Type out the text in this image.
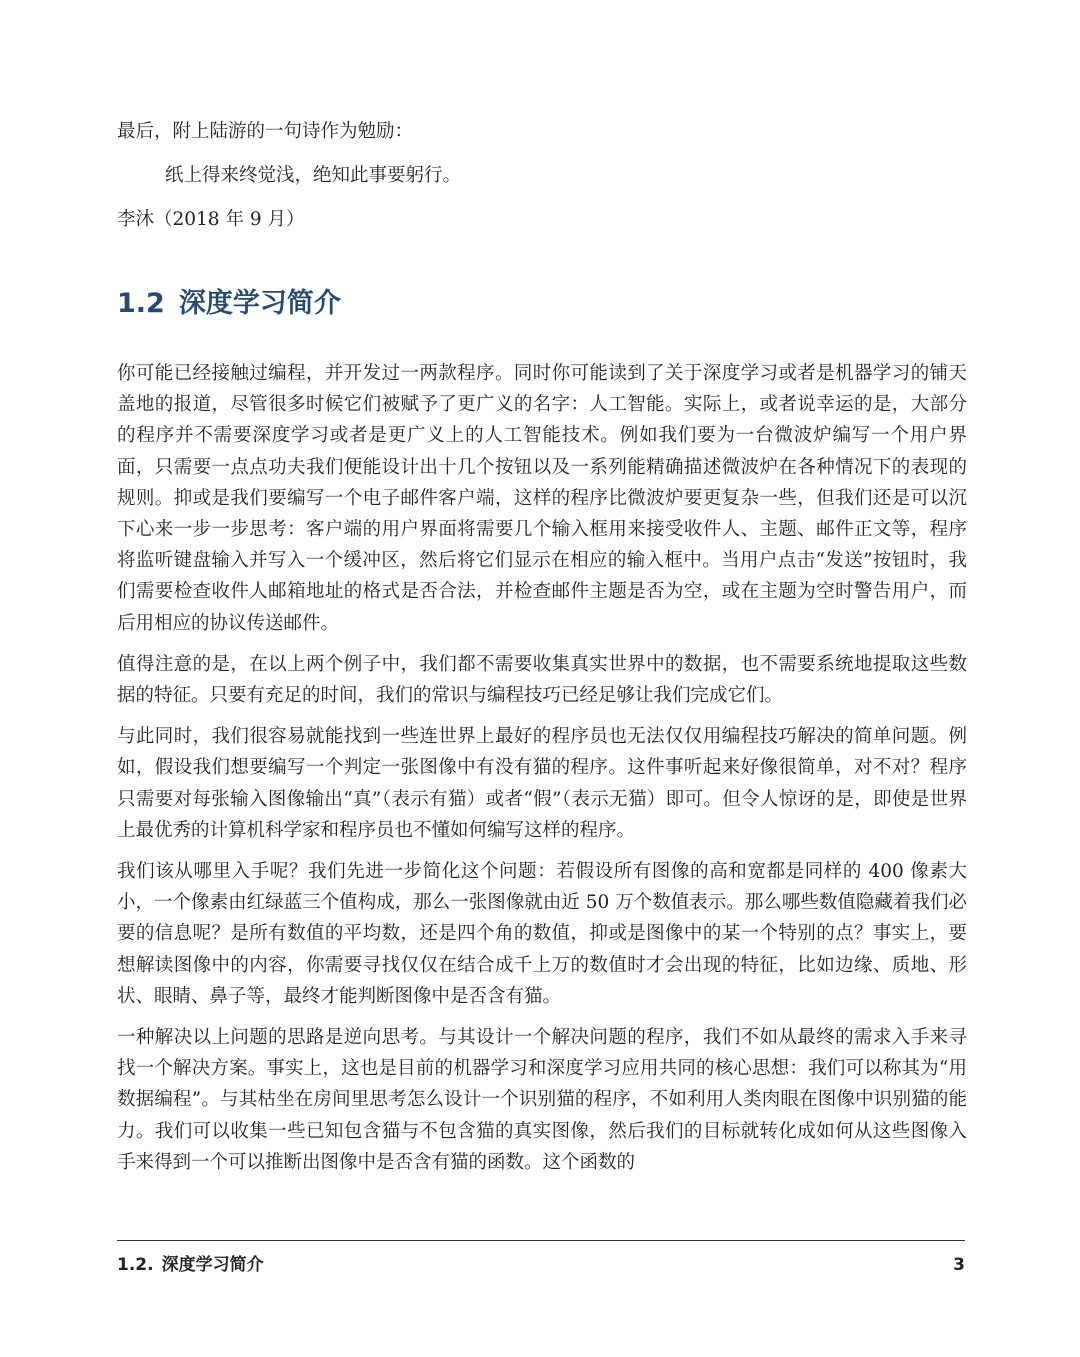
最后，附上陆游的一句诗作为勉励：
纸上得来终觉浅，绝知此事要躬行。
李沐（2018 年 9 月）
1.2 深度学习简介

你可能已经接触过编程，并开发过一两款程序。同时你可能读到了关于深度学习或者是机器学习的铺天盖地的报道，尽管很多时候它们被赋予了更广义的名字：人工智能。实际上，或者说幸运的是，大部分的程序并不需要深度学习或者是更广义上的人工智能技术。例如我们要为一台微波炉编写一个用户界面，只需要一点点功夫我们便能设计出十几个按钮以及一系列能精确描述微波炉在各种情况下的表现的规则。抑或是我们要编写一个电子邮件客户端，这样的程序比微波炉要更复杂一些，但我们还是可以沉下心来一步一步思考：客户端的用户界面将需要几个输入框用来接受收件人、主题、邮件正文等，程序将监听键盘输入并写入一个缓冲区，然后将它们显示在相应的输入框中。当用户点击“发送”按钮时，我们需要检查收件人邮箱地址的格式是否合法，并检查邮件主题是否为空，或在主题为空时警告用户，而后用相应的协议传送邮件。

值得注意的是，在以上两个例子中，我们都不需要收集真实世界中的数据，也不需要系统地提取这些数据的特征。只要有充足的时间，我们的常识与编程技巧已经足够让我们完成它们。

与此同时，我们很容易就能找到一些连世界上最好的程序员也无法仅仅用编程技巧解决的简单问题。例如，假设我们想要编写一个判定一张图像中有没有猫的程序。这件事听起来好像很简单，对不对？程序只需要对每张输入图像输出“真”（表示有猫）或者“假”（表示无猫）即可。但令人惊讶的是，即使是世界上最优秀的计算机科学家和程序员也不懂如何编写这样的程序。

我们该从哪里入手呢？我们先进一步简化这个问题：若假设所有图像的高和宽都是同样的 400 像素大小，一个像素由红绿蓝三个值构成，那么一张图像就由近 50 万个数值表示。那么哪些数值隐藏着我们必要的信息呢？是所有数值的平均数，还是四个角的数值，抑或是图像中的某一个特别的点？事实上，要想解读图像中的内容，你需要寻找仅仅在结合成千上万的数值时才会出现的特征，比如边缘、质地、形状、眼睛、鼻子等，最终才能判断图像中是否含有猫。

一种解决以上问题的思路是逆向思考。与其设计一个解决问题的程序，我们不如从最终的需求入手来寻找一个解决方案。事实上，这也是目前的机器学习和深度学习应用共同的核心思想：我们可以称其为“用数据编程”。与其枯坐在房间里思考怎么设计一个识别猫的程序，不如利用人类肉眼在图像中识别猫的能力。我们可以收集一些已知包含猫与不包含猫的真实图像，然后我们的目标就转化成如何从这些图像入手来得到一个可以推断出图像中是否含有猫的函数。这个函数的

1.2. 深度学习简介	3
